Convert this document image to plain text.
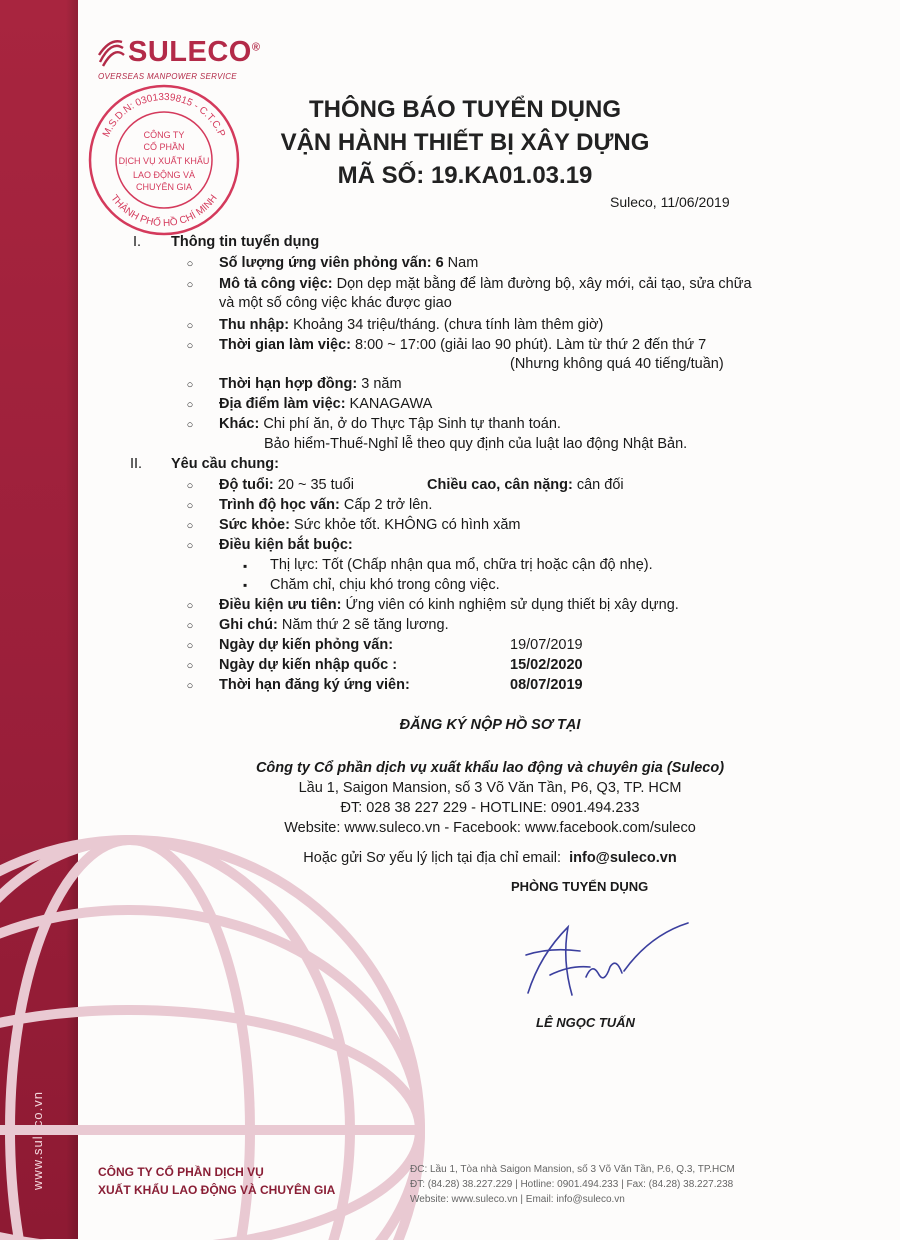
www.suleco.vn
SULECO®
OVERSEAS MANPOWER SERVICE
M.S.D.N: 0301339815 - C.T.C.P
THÀNH PHỐ HỒ CHÍ MINH
CÔNG TY
CỔ PHẦN
DỊCH VỤ XUẤT KHẨU
LAO ĐỘNG VÀ
CHUYÊN GIA
THÔNG BÁO TUYỂN DỤNG
VẬN HÀNH THIẾT BỊ XÂY DỰNG
MÃ SỐ: 19.KA01.03.19
Suleco, 11/06/2019
I. Thông tin tuyển dụng
○ Số lượng ứng viên phỏng vấn: 6 Nam
○ Mô tả công việc: Dọn dẹp mặt bằng để làm đường bộ, xây mới, cải tạo, sửa chữa
và một số công việc khác được giao
○ Thu nhập: Khoảng 34 triệu/tháng. (chưa tính làm thêm giờ)
○ Thời gian làm việc: 8:00 ~ 17:00 (giải lao 90 phút). Làm từ thứ 2 đến thứ 7
(Nhưng không quá 40 tiếng/tuần)
○ Thời hạn hợp đồng: 3 năm
○ Địa điểm làm việc: KANAGAWA
○ Khác: Chi phí ăn, ở do Thực Tập Sinh tự thanh toán.
Bảo hiểm-Thuế-Nghỉ lễ theo quy định của luật lao động Nhật Bản.
II. Yêu cầu chung:
○ Độ tuổi: 20 ~ 35 tuổi	Chiều cao, cân nặng: cân đối
○ Trình độ học vấn: Cấp 2 trở lên.
○ Sức khỏe: Sức khỏe tốt. KHÔNG có hình xăm
○ Điều kiện bắt buộc:
▪ Thị lực: Tốt (Chấp nhận qua mổ, chữa trị hoặc cận độ nhẹ).
▪ Chăm chỉ, chịu khó trong công việc.
○ Điều kiện ưu tiên: Ứng viên có kinh nghiệm sử dụng thiết bị xây dựng.
○ Ghi chú: Năm thứ 2 sẽ tăng lương.
○ Ngày dự kiến phỏng vấn:	19/07/2019
○ Ngày dự kiến nhập quốc :	15/02/2020
○ Thời hạn đăng ký ứng viên:	08/07/2019
ĐĂNG KÝ NỘP HỒ SƠ TẠI
Công ty Cổ phần dịch vụ xuất khẩu lao động và chuyên gia (Suleco)
Lầu 1, Saigon Mansion, số 3 Võ Văn Tần, P6, Q3, TP. HCM
ĐT: 028 38 227 229 - HOTLINE: 0901.494.233
Website: www.suleco.vn - Facebook: www.facebook.com/suleco
Hoặc gửi Sơ yếu lý lịch tại địa chỉ email: info@suleco.vn
PHÒNG TUYỂN DỤNG
LÊ NGỌC TUẤN
CÔNG TY CỔ PHẦN DỊCH VỤ
XUẤT KHẨU LAO ĐỘNG VÀ CHUYÊN GIA
ĐC: Lầu 1, Tòa nhà Saigon Mansion, số 3 Võ Văn Tần, P.6, Q.3, TP.HCM
ĐT: (84.28) 38.227.229 | Hotline: 0901.494.233 | Fax: (84.28) 38.227.238
Website: www.suleco.vn | Email: info@suleco.vn
